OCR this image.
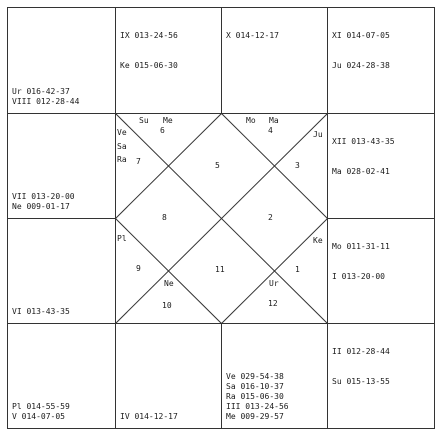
Ur 016-42-37
VIII 012-28-44

IX 013-24-56

Ke 015-06-30

X 014-12-17

	XI 014-07-05

Ju 024-28-38

VII 013-20-00
Ne 009-01-17

XII 013-43-35

Ma 028-02-41

VI 013-43-35

Mo 011-31-11

I 013-20-00

Pl 014-55-59
V 014-07-05	IV 014-12-17
Ve 029-54-38
Sa 016-10-37
Ra 015-06-30
III 013-24-56
Me 009-29-57

II 012-28-44

Su 015-13-55

6
5
4
7	3
8	2
9	11	1
10	12
Su Me
Ve
Sa
Ra
Mo Ma
Ju
Pl	Ke
Ne	Ur
